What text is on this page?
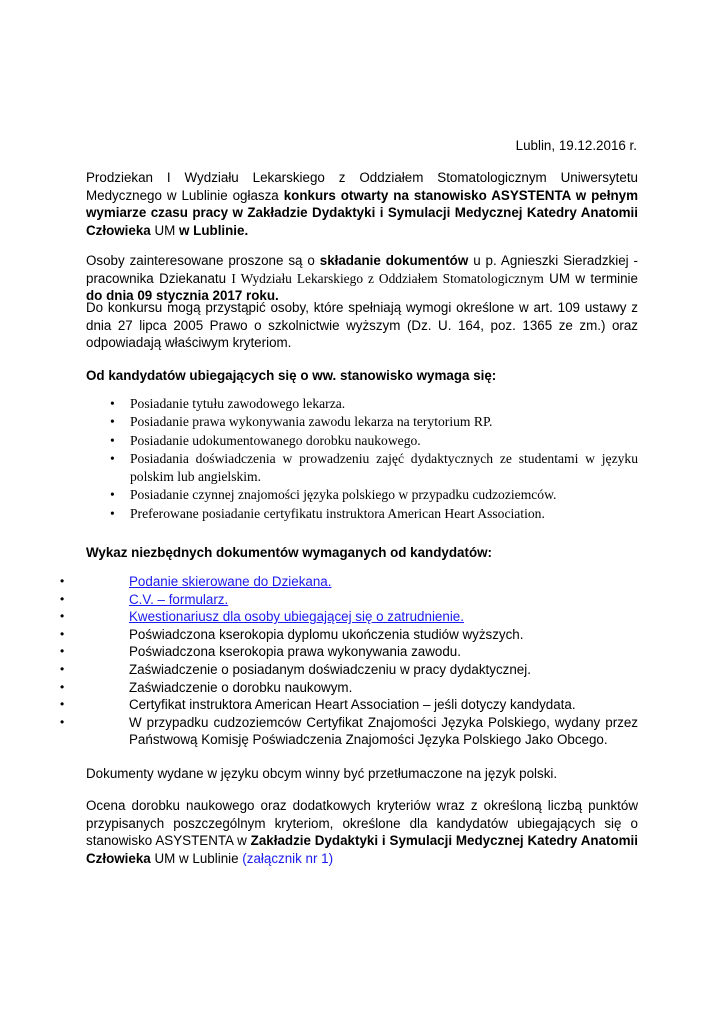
Lublin, 19.12.2016 r.

Prodziekan I Wydziału Lekarskiego z Oddziałem Stomatologicznym Uniwersytetu Medycznego w Lublinie ogłasza konkurs otwarty na stanowisko ASYSTENTA w pełnym wymiarze czasu pracy w Zakładzie Dydaktyki i Symulacji Medycznej Katedry Anatomii Człowieka UM w Lublinie.

Osoby zainteresowane proszone są o składanie dokumentów u p. Agnieszki Sieradzkiej - pracownika Dziekanatu I Wydziału Lekarskiego z Oddziałem Stomatologicznym UM w terminie do dnia 09 stycznia 2017 roku.

Do konkursu mogą przystąpić osoby, które spełniają wymogi określone w art. 109 ustawy z dnia 27 lipca 2005 Prawo o szkolnictwie wyższym (Dz. U. 164, poz. 1365 ze zm.) oraz odpowiadają właściwym kryteriom.

Od kandydatów ubiegających się o ww. stanowisko wymaga się:

• Posiadanie tytułu zawodowego lekarza.
• Posiadanie prawa wykonywania zawodu lekarza na terytorium RP.
• Posiadanie udokumentowanego dorobku naukowego.
• Posiadania doświadczenia w prowadzeniu zajęć dydaktycznych ze studentami w języku polskim lub angielskim.
• Posiadanie czynnej znajomości języka polskiego w przypadku cudzoziemców.
• Preferowane posiadanie certyfikatu instruktora American Heart Association.

Wykaz niezbędnych dokumentów wymaganych od kandydatów:

•	Podanie skierowane do Dziekana.
•	C.V. – formularz.
•	Kwestionariusz dla osoby ubiegającej się o zatrudnienie.
•	Poświadczona kserokopia dyplomu ukończenia studiów wyższych.
•	Poświadczona kserokopia prawa wykonywania zawodu.
•	Zaświadczenie o posiadanym doświadczeniu w pracy dydaktycznej.
•	Zaświadczenie o dorobku naukowym.
•	Certyfikat instruktora American Heart Association – jeśli dotyczy kandydata.
•	W przypadku cudzoziemców Certyfikat Znajomości Języka Polskiego, wydany przez Państwową Komisję Poświadczenia Znajomości Języka Polskiego Jako Obcego.

Dokumenty wydane w języku obcym winny być przetłumaczone na język polski.

Ocena dorobku naukowego oraz dodatkowych kryteriów wraz z określoną liczbą punktów przypisanych poszczególnym kryteriom, określone dla kandydatów ubiegających się o stanowisko ASYSTENTA w Zakładzie Dydaktyki i Symulacji Medycznej Katedry Anatomii Człowieka UM w Lublinie (załącznik nr 1)
